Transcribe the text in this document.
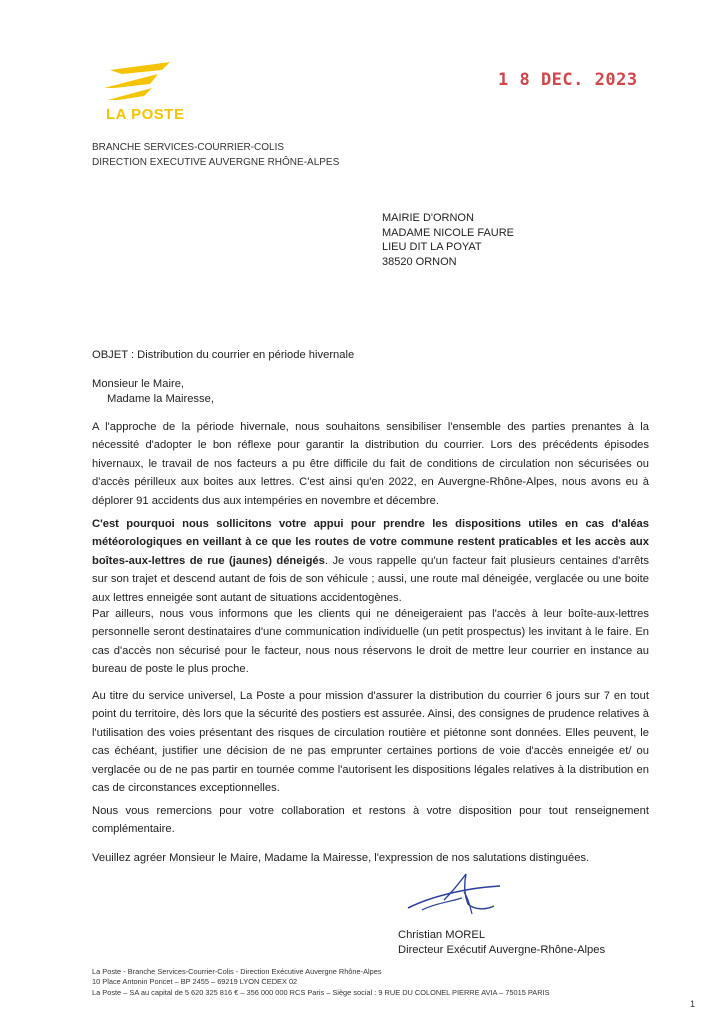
LA POSTE
1 8 DEC. 2023
BRANCHE SERVICES-COURRIER-COLIS
DIRECTION EXECUTIVE AUVERGNE RHÔNE-ALPES
MAIRIE D'ORNON
MADAME NICOLE FAURE
LIEU DIT LA POYAT
38520 ORNON
OBJET : Distribution du courrier en période hivernale
Monsieur le Maire,
Madame la Mairesse,
A l'approche de la période hivernale, nous souhaitons sensibiliser l'ensemble des parties prenantes à la nécessité d'adopter le bon réflexe pour garantir la distribution du courrier. Lors des précédents épisodes hivernaux, le travail de nos facteurs a pu être difficile du fait de conditions de circulation non sécurisées ou d'accès périlleux aux boites aux lettres. C'est ainsi qu'en 2022, en Auvergne-Rhône-Alpes, nous avons eu à déplorer 91 accidents dus aux intempéries en novembre et décembre.
C'est pourquoi nous sollicitons votre appui pour prendre les dispositions utiles en cas d'aléas météorologiques en veillant à ce que les routes de votre commune restent praticables et les accès aux boîtes-aux-lettres de rue (jaunes) déneigés. Je vous rappelle qu'un facteur fait plusieurs centaines d'arrêts sur son trajet et descend autant de fois de son véhicule ; aussi, une route mal déneigée, verglacée ou une boite aux lettres enneigée sont autant de situations accidentogènes.
Par ailleurs, nous vous informons que les clients qui ne déneigeraient pas l'accès à leur boîte-aux-lettres personnelle seront destinataires d'une communication individuelle (un petit prospectus) les invitant à le faire. En cas d'accès non sécurisé pour le facteur, nous nous réservons le droit de mettre leur courrier en instance au bureau de poste le plus proche.
Au titre du service universel, La Poste a pour mission d'assurer la distribution du courrier 6 jours sur 7 en tout point du territoire, dès lors que la sécurité des postiers est assurée. Ainsi, des consignes de prudence relatives à l'utilisation des voies présentant des risques de circulation routière et piétonne sont données. Elles peuvent, le cas échéant, justifier une décision de ne pas emprunter certaines portions de voie d'accès enneigée et/ ou verglacée ou de ne pas partir en tournée comme l'autorisent les dispositions légales relatives à la distribution en cas de circonstances exceptionnelles.
Nous vous remercions pour votre collaboration et restons à votre disposition pour tout renseignement complémentaire.
Veuillez agréer Monsieur le Maire, Madame la Mairesse, l'expression de nos salutations distinguées.
Christian MOREL
Directeur Exécutif Auvergne-Rhône-Alpes
La Poste - Branche Services-Courrier-Colis - Direction Exécutive Auvergne Rhône-Alpes
10 Place Antonin Poncet – BP 2455 – 69219 LYON CEDEX 02
La Poste – SA au capital de 5 620 325 816 € – 356 000 000 RCS Paris – Siège social : 9 RUE DU COLONEL PIERRE AVIA – 75015 PARIS
1
